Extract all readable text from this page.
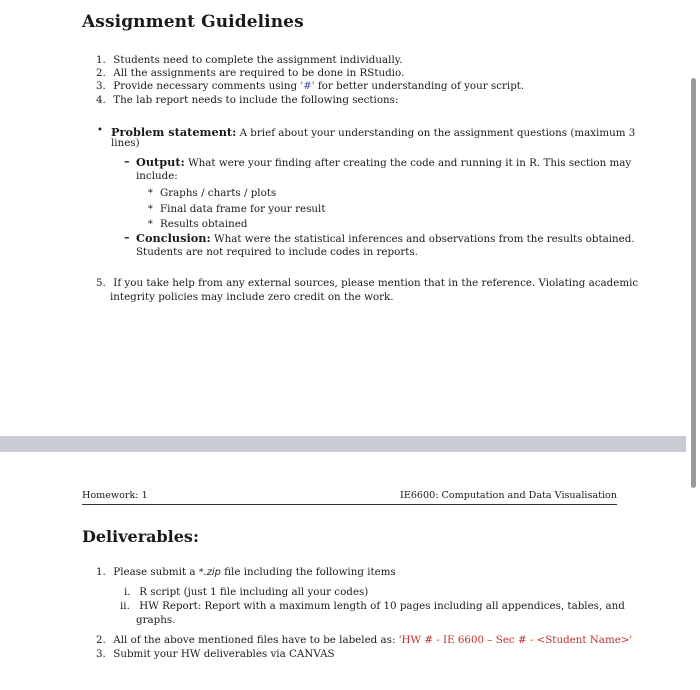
Assignment Guidelines
1. Students need to complete the assignment individually.
2. All the assignments are required to be done in RStudio.
3. Provide necessary comments using '#' for better understanding of your script.
4. The lab report needs to include the following sections:
• Problem statement: A brief about your understanding on the assignment questions (maximum 3
lines)
– Output: What were your finding after creating the code and running it in R. This section may
include:
∗ Graphs / charts / plots
∗ Final data frame for your result
∗ Results obtained
– Conclusion: What were the statistical inferences and observations from the results obtained.
Students are not required to include codes in reports.
5. If you take help from any external sources, please mention that in the reference. Violating academic
integrity policies may include zero credit on the work.
Homework: 1	IE6600: Computation and Data Visualisation
Deliverables:
1. Please submit a *.zip file including the following items
i. R script (just 1 file including all your codes)
ii. HW Report: Report with a maximum length of 10 pages including all appendices, tables, and
graphs.
2. All of the above mentioned files have to be labeled as: 'HW # - IE 6600 – Sec # - <Student Name>'
3. Submit your HW deliverables via CANVAS
